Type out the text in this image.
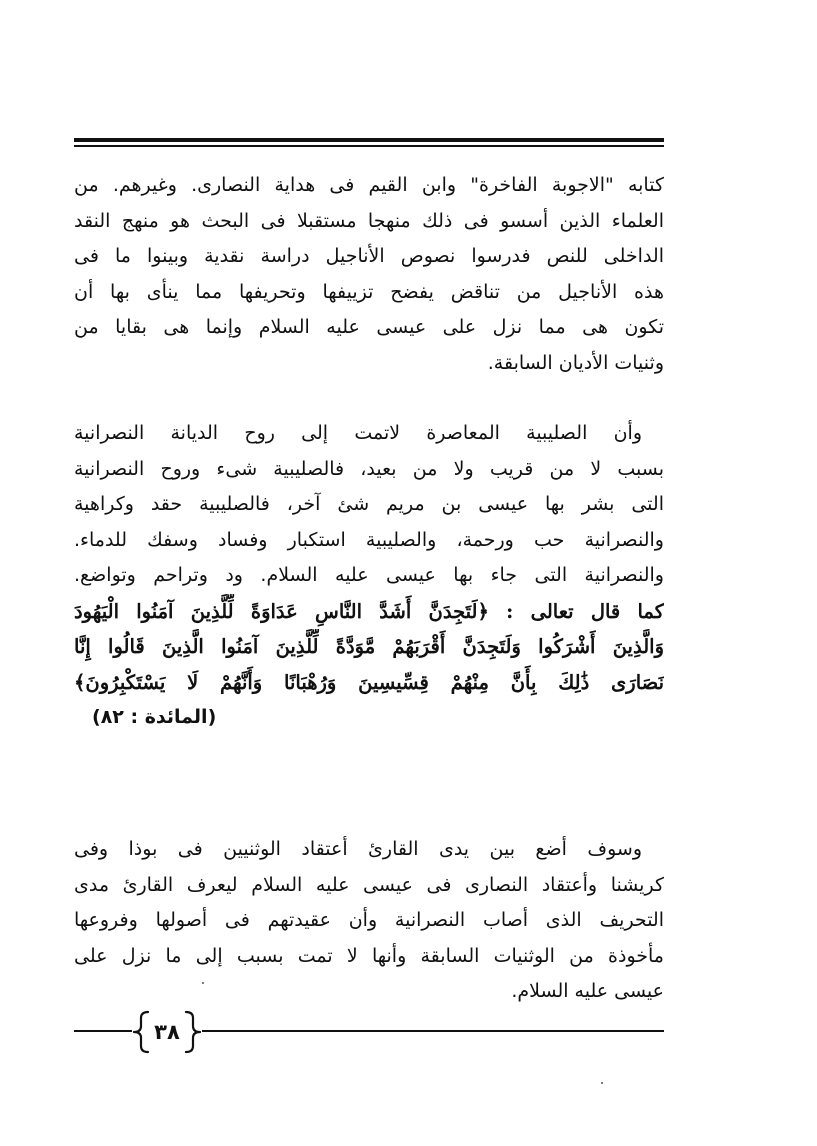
كتابه "الاجوبة الفاخرة" وابن القيم فى هداية النصارى. وغيرهم. من
العلماء الذين أسسو فى ذلك منهجا مستقبلا فى البحث هو منهج النقد
الداخلى للنص فدرسوا نصوص الأناجيل دراسة نقدية وبينوا ما فى
هذه الأناجيل من تناقض يفضح تزييفها وتحريفها مما ينأى بها أن
تكون هى مما نزل على عيسى عليه السلام وإنما هى بقايا من
وثنيات الأديان السابقة.
وأن الصليبية المعاصرة لاتمت إلى روح الديانة النصرانية
بسبب لا من قريب ولا من بعيد، فالصليبية شىء وروح النصرانية
التى بشر بها عيسى بن مريم شئ آخر، فالصليبية حقد وكراهية
والنصرانية حب ورحمة، والصليبية استكبار وفساد وسفك للدماء.
والنصرانية التى جاء بها عيسى عليه السلام. ود وتراحم وتواضع.
كما قال تعالى : ﴿لَتَجِدَنَّ أَشَدَّ النَّاسِ عَدَاوَةً لِّلَّذِينَ آمَنُوا الْيَهُودَ
وَالَّذِينَ أَشْرَكُوا وَلَتَجِدَنَّ أَقْرَبَهُمْ مَّوَدَّةً لِّلَّذِينَ آمَنُوا الَّذِينَ قَالُوا إِنَّا
نَصَارَى ذَٰلِكَ بِأَنَّ مِنْهُمْ قِسِّيسِينَ وَرُهْبَانًا وَأَنَّهُمْ لَا يَسْتَكْبِرُونَ﴾
(المائدة : ٨٢)
وسوف أضع بين يدى القارئ أعتقاد الوثنيين فى بوذا وفى
كريشنا وأعتقاد النصارى فى عيسى عليه السلام ليعرف القارئ مدى
التحريف الذى أصاب النصرانية وأن عقيدتهم فى أصولها وفروعها
مأخوذة من الوثنيات السابقة وأنها لا تمت بسبب إلى ما نزل على
عيسى عليه السلام.
٣٨
